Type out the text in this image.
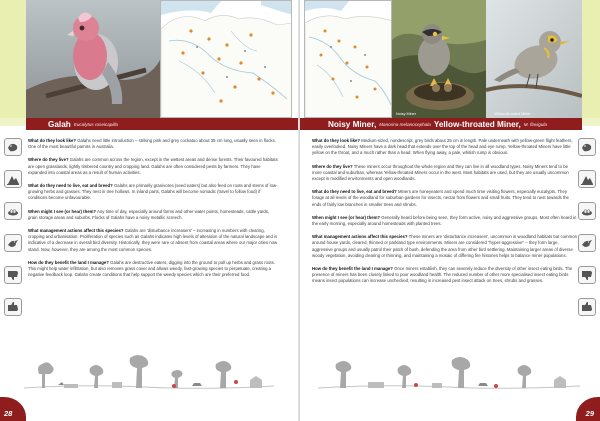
Galah Eucalytus roseicapilla

What do they look like? Galahs need little introduction – striking pink and grey cockatoo about 35 cm long, usually seen in flocks. One of the most beautiful parrots in Australia.

Where do they live? Galahs are common across the region, except in the wettest areas and dense forests. Their favoured habitats are open grasslands, lightly timbered country and cropping land. Galahs are often considered pests by farmers. They have expanded into coastal areas as a result of human activities.

What do they need to live, eat and breed? Galahs are primarily granivores (seed eaters) but also feed on roots and stems of low-growing herbs and grasses. They nest in tree hollows. In inland parts, Galahs will become nomadic (travel to follow food) if conditions become unfavourable.

When might I see (or hear) them? Any time of day, especially around farms and other water points, homesteads, cattle yards, grain storage areas and suburbs. Flocks of Galahs have a noisy metallic screech.

What management actions affect this species? Galahs are 'disturbance increasers' – increasing in numbers with clearing, cropping and urbanisation. Proliferation of species such as Galahs indicates high levels of alteration of the natural landscape and is indicative of a decrease in overall bird diversity. Historically, they were rare or absent from coastal areas where our major cities now stand. Now, however, they are among the most common species.

How do they benefit the land I manage? Galahs are destructive eaters, digging into the ground to pull up herbs and grass roots. This might help water infiltration, but also removes grass cover and allows weedy, fast-growing species to perpetuate, creating a negative feedback loop. Galahs create conditions that help support the weedy species which are their preferred food.

28
Noisy Miner	Yellow-throated Miner
Noisy Miner, Manorina melanocephala Yellow-throated Miner, M. flavigula

What do they look like? Medium-sized, nondescript, grey birds about 25 cm in length. Pale underneath with yellow-green flight feathers, easily overlooked. Noisy Miners have a dark head that extends over the top of the head and eye rump. Yellow-throated Miners have little yellow on the throat, and a much rather than a head. When flying away, a pale, whitish rump is obvious.

Where do they live? These miners occur throughout the whole region and they can live in all woodland types. Noisy Miners tend to be more coastal and suburban, whereas Yellow-throated Miners occur in the west. Most habitats are used, but they are usually uncommon except in modified environments and open woodlands.

What do they need to live, eat and breed? Miners are honeyeaters and spend much time visiting flowers, especially eucalypts. They forage at all levels of the woodland for suburban gardens for insects, nectar from flowers and small fruits. They tend to nest towards the ends of fairly low branches in smaller trees and shrubs.

When might I see (or hear) them? Generally heard before being seen, they form active, noisy and aggressive groups. Most often heard in the early morning, especially around homesteads with planted trees.

What management actions affect this species? These miners are 'disturbance increasers', uncommon in woodland habitats but common around house yards, cleared, thinned or parkland type environments. Miners are considered "hyper-aggressive" – they form large, aggressive groups and usually patrol their patch of bush, defending the area from other bird settlering. Maintaining larger areas of diverse woody vegetation, avoiding clearing or thinning, and maintaining a mosaic of differing fire histories helps to balance miner populations.

How do they benefit the land I manage? Once miners establish, they can severely reduce the diversity of other insect eating birds. The presence of miners has been closely linked to poor woodland health. The reduced number of other more specialised insect eating birds means insect populations can increase unchecked, resulting in increased pest insect attack on trees, shrubs and grasses.

29
